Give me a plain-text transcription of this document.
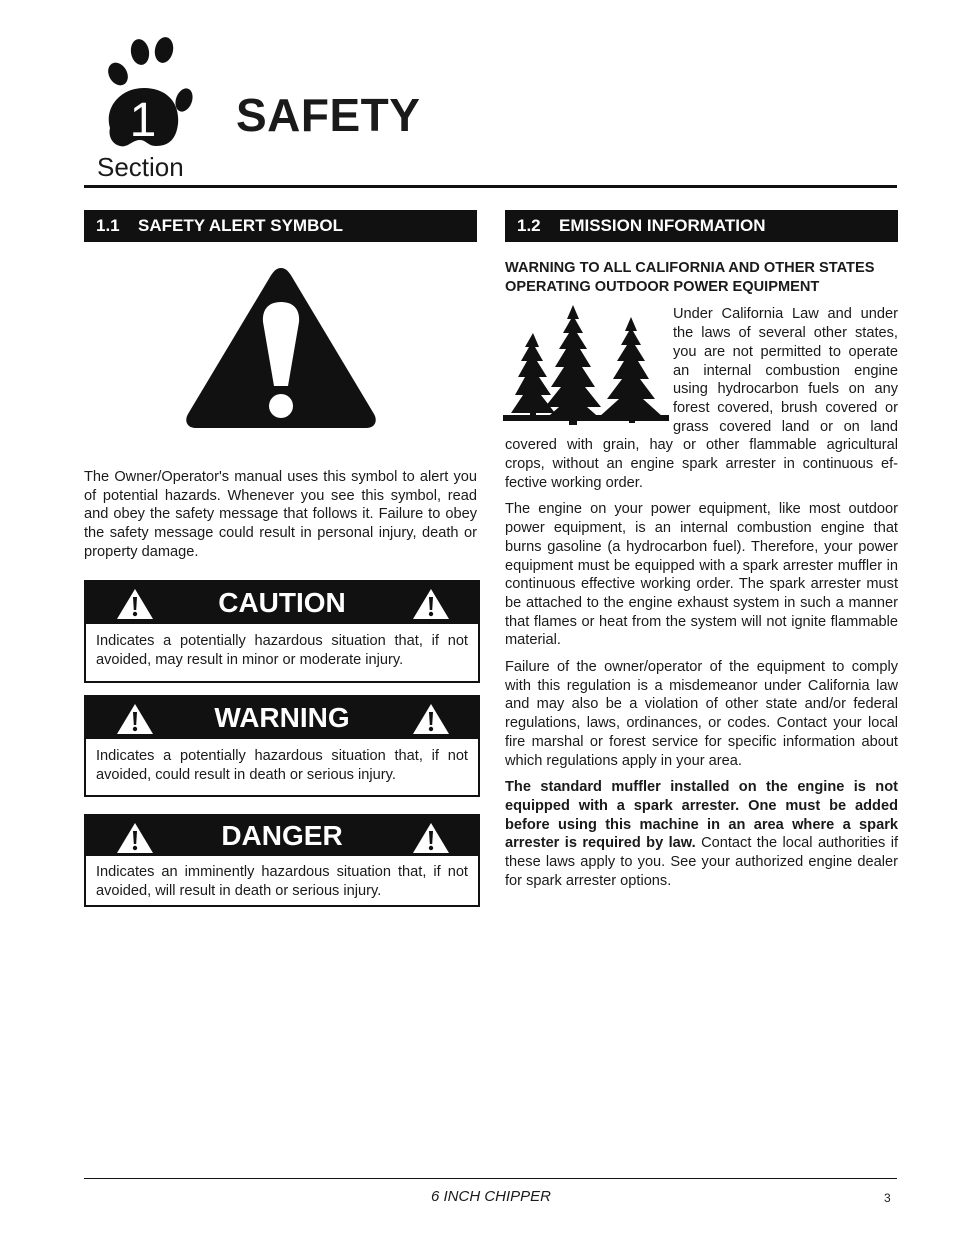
1
Section
SAFETY
1.1 SAFETY ALERT SYMBOL

The Owner/Operator's manual uses this symbol to alert you of potential hazards. Whenever you see this symbol, read and obey the safety message that follows it. Failure to obey the safety message could result in personal injury, death or property damage.

CAUTION
Indicates a potentially hazardous situation that, if not avoided, may result in minor or moderate injury.
WARNING
Indicates a potentially hazardous situation that, if not avoided, could result in death or serious injury.
DANGER
Indicates an imminently hazardous situation that, if not avoided, will result in death or serious injury.
1.2 EMISSION INFORMATION

WARNING TO ALL CALIFORNIA AND OTHER STATES OPERATING OUTDOOR POWER EQUIPMENT

Under California Law and under the laws of several other states, you are not permitted to operate an internal combustion engine using hydrocarbon fuels on any forest covered, brush covered or grass covered land or on land covered with grain, hay or other flammable agricultural crops, without an engine spark arrester in continuous effective working order.

The engine on your power equipment, like most outdoor power equipment, is an internal combustion engine that burns gasoline (a hydrocarbon fuel). Therefore, your power equipment must be equipped with a spark arrester muffler in continuous effective working order. The spark arrester must be attached to the engine exhaust system in such a manner that flames or heat from the system will not ignite flammable material.

Failure of the owner/operator of the equipment to comply with this regulation is a misdemeanor under California law and may also be a violation of other state and/or federal regulations, laws, ordinances, or codes. Contact your local fire marshal or forest service for specific information about which regulations apply in your area.

The standard muffler installed on the engine is not equipped with a spark arrester. One must be added before using this machine in an area where a spark arrester is required by law. Contact the local authorities if these laws apply to you. See your authorized engine dealer for spark arrester options.

6 INCH CHIPPER	3
